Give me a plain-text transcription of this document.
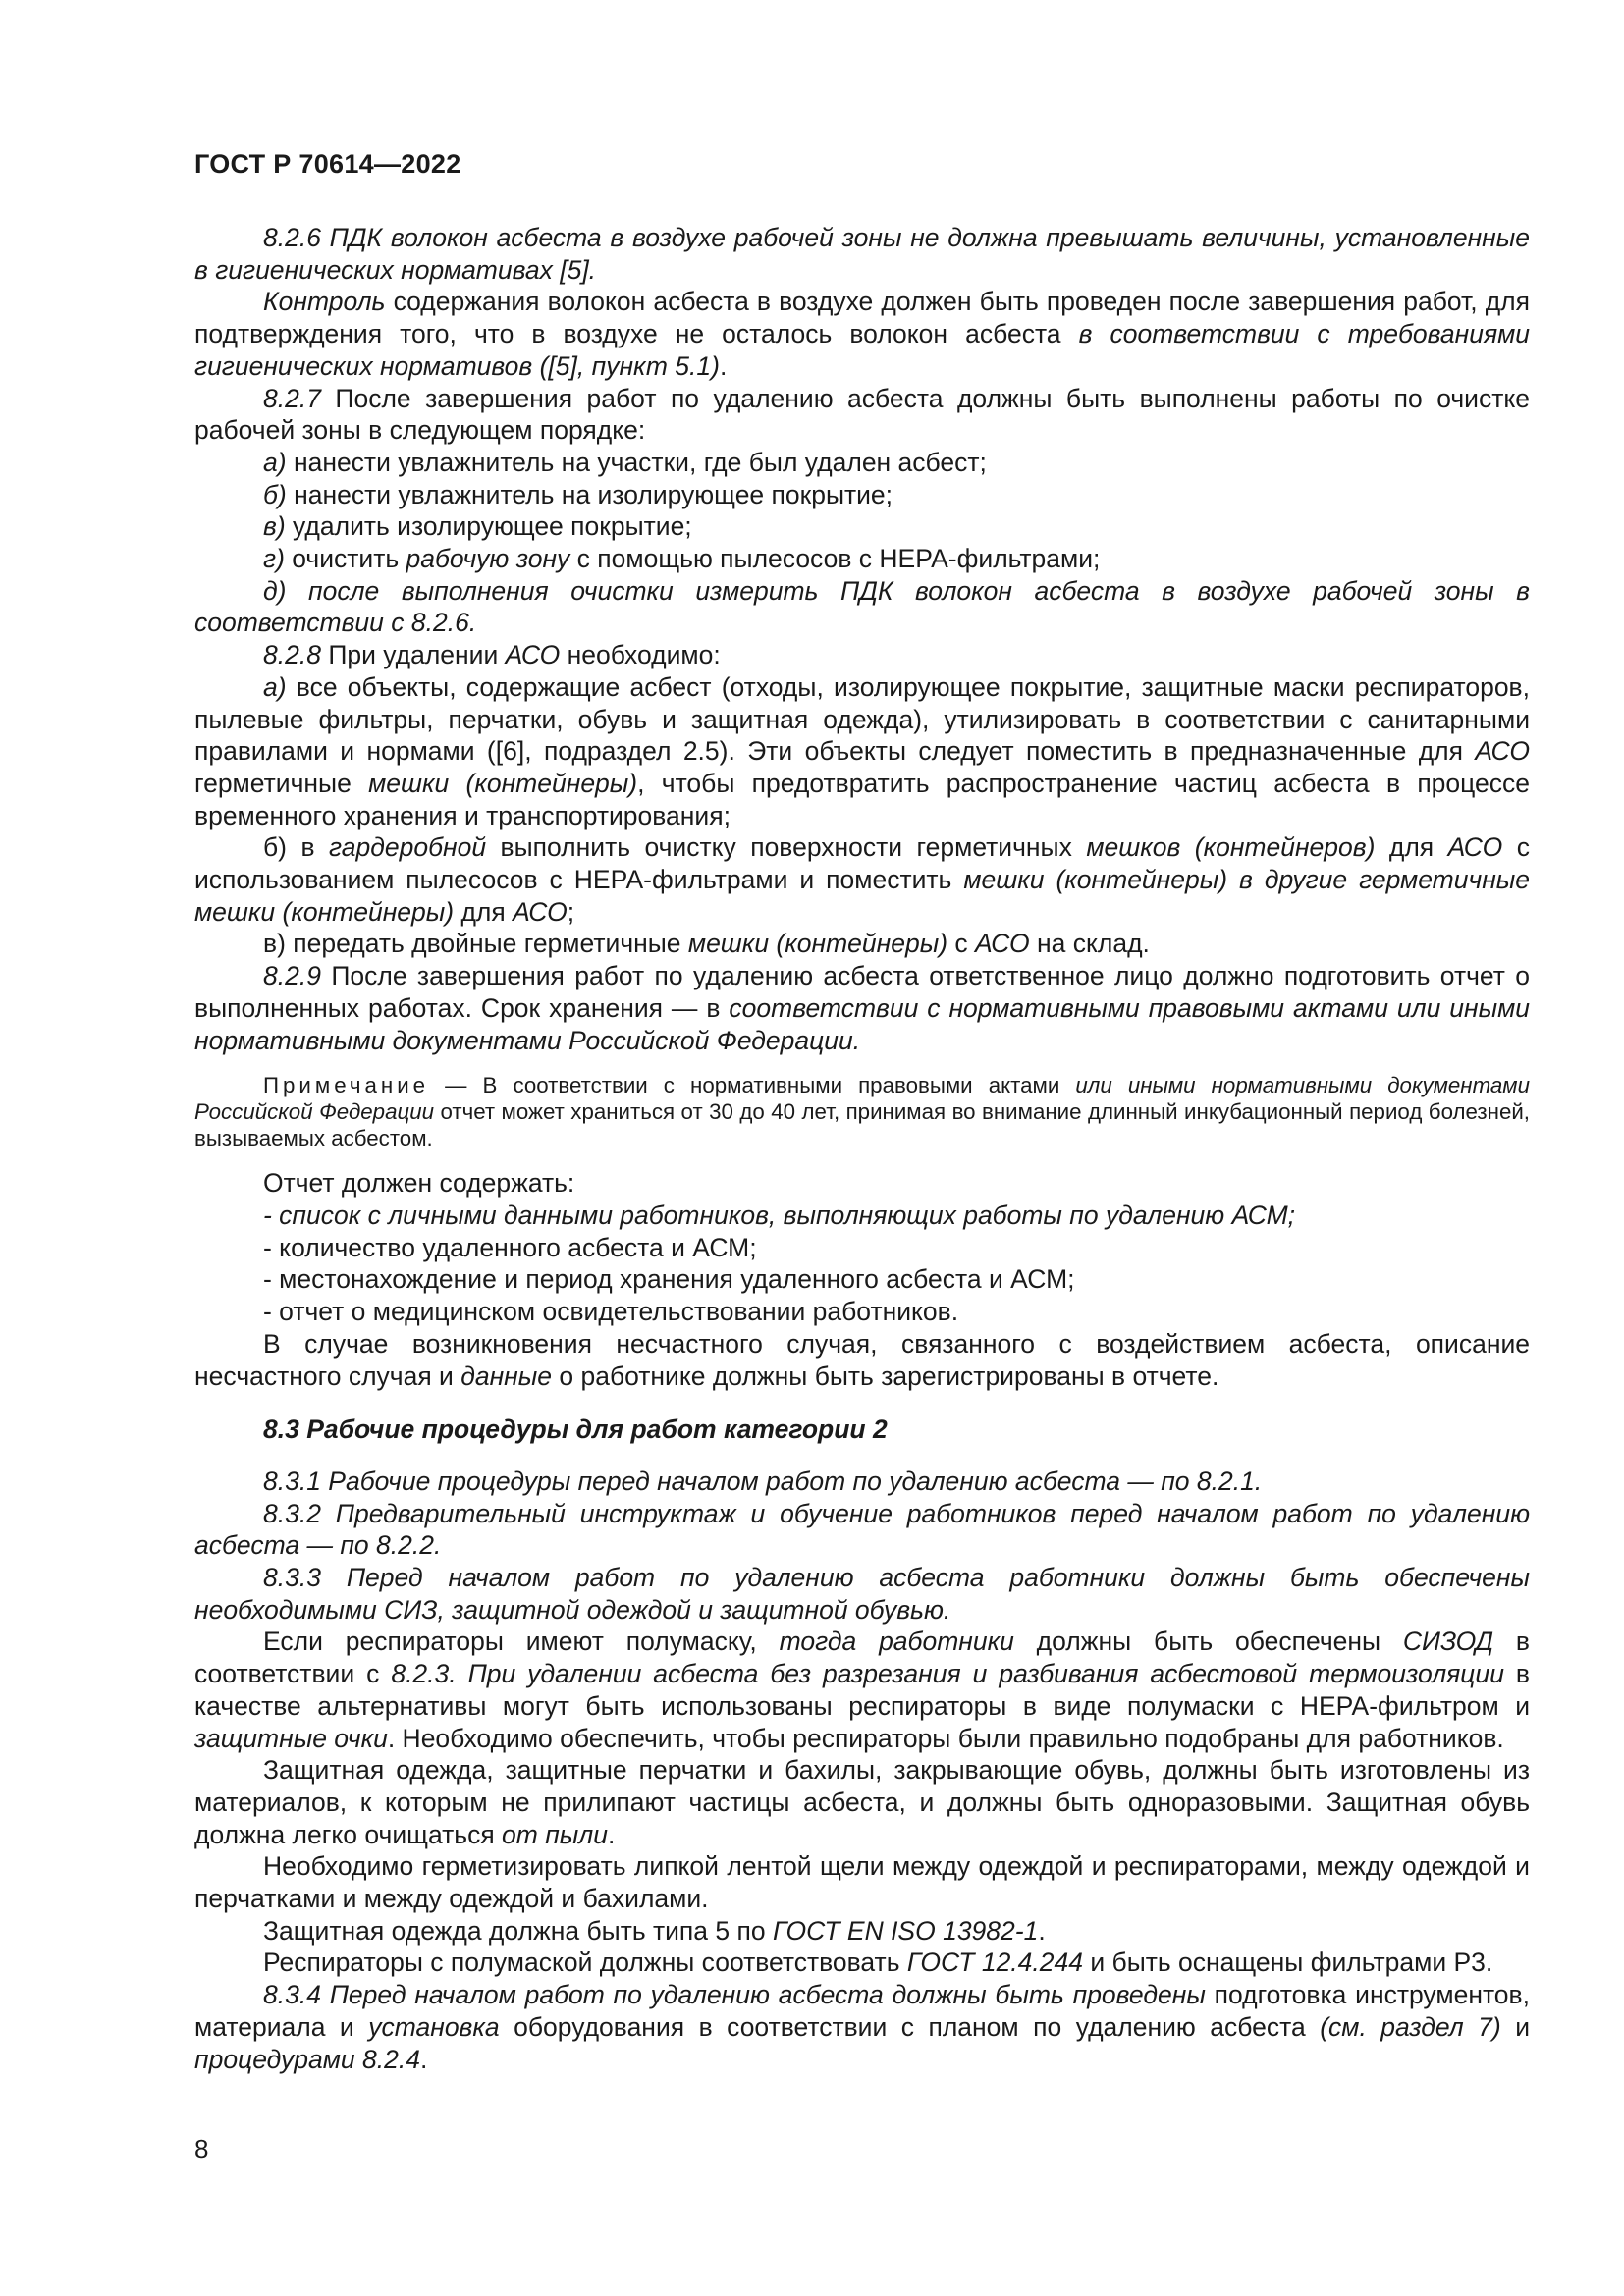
ГОСТ Р 70614—2022

8.2.6 ПДК волокон асбеста в воздухе рабочей зоны не должна превышать величины, установленные в гигиенических нормативах [5].

Контроль содержания волокон асбеста в воздухе должен быть проведен после завершения работ, для подтверждения того, что в воздухе не осталось волокон асбеста в соответствии с требованиями гигиенических нормативов ([5], пункт 5.1).

8.2.7 После завершения работ по удалению асбеста должны быть выполнены работы по очистке рабочей зоны в следующем порядке:

а) нанести увлажнитель на участки, где был удален асбест;

б) нанести увлажнитель на изолирующее покрытие;

в) удалить изолирующее покрытие;

г) очистить рабочую зону с помощью пылесосов с НЕРА-фильтрами;

д) после выполнения очистки измерить ПДК волокон асбеста в воздухе рабочей зоны в соответствии с 8.2.6.

8.2.8 При удалении АСО необходимо:

а) все объекты, содержащие асбест (отходы, изолирующее покрытие, защитные маски респираторов, пылевые фильтры, перчатки, обувь и защитная одежда), утилизировать в соответствии с санитарными правилами и нормами ([6], подраздел 2.5). Эти объекты следует поместить в предназначенные для АСО герметичные мешки (контейнеры), чтобы предотвратить распространение частиц асбеста в процессе временного хранения и транспортирования;

б) в гардеробной выполнить очистку поверхности герметичных мешков (контейнеров) для АСО с использованием пылесосов с НЕРА-фильтрами и поместить мешки (контейнеры) в другие герметичные мешки (контейнеры) для АСО;

в) передать двойные герметичные мешки (контейнеры) с АСО на склад.

8.2.9 После завершения работ по удалению асбеста ответственное лицо должно подготовить отчет о выполненных работах. Срок хранения — в соответствии с нормативными правовыми актами или иными нормативными документами Российской Федерации.

Примечание — В соответствии с нормативными правовыми актами или иными нормативными документами Российской Федерации отчет может храниться от 30 до 40 лет, принимая во внимание длинный инкубационный период болезней, вызываемых асбестом.

Отчет должен содержать:

- список с личными данными работников, выполняющих работы по удалению АСМ;

- количество удаленного асбеста и АСМ;

- местонахождение и период хранения удаленного асбеста и АСМ;

- отчет о медицинском освидетельствовании работников.

В случае возникновения несчастного случая, связанного с воздействием асбеста, описание несчастного случая и данные о работнике должны быть зарегистрированы в отчете.

8.3 Рабочие процедуры для работ категории 2

8.3.1 Рабочие процедуры перед началом работ по удалению асбеста — по 8.2.1.

8.3.2 Предварительный инструктаж и обучение работников перед началом работ по удалению асбеста — по 8.2.2.

8.3.3 Перед началом работ по удалению асбеста работники должны быть обеспечены необходимыми СИЗ, защитной одеждой и защитной обувью.

Если респираторы имеют полумаску, тогда работники должны быть обеспечены СИЗОД в соответствии с 8.2.3. При удалении асбеста без разрезания и разбивания асбестовой термоизоляции в качестве альтернативы могут быть использованы респираторы в виде полумаски с НЕРА-фильтром и защитные очки. Необходимо обеспечить, чтобы респираторы были правильно подобраны для работников.

Защитная одежда, защитные перчатки и бахилы, закрывающие обувь, должны быть изготовлены из материалов, к которым не прилипают частицы асбеста, и должны быть одноразовыми. Защитная обувь должна легко очищаться от пыли.

Необходимо герметизировать липкой лентой щели между одеждой и респираторами, между одеждой и перчатками и между одеждой и бахилами.

Защитная одежда должна быть типа 5 по ГОСТ EN ISO 13982-1.

Респираторы с полумаской должны соответствовать ГОСТ 12.4.244 и быть оснащены фильтрами Р3.

8.3.4 Перед началом работ по удалению асбеста должны быть проведены подготовка инструментов, материала и установка оборудования в соответствии с планом по удалению асбеста (см. раздел 7) и процедурами 8.2.4.

8
